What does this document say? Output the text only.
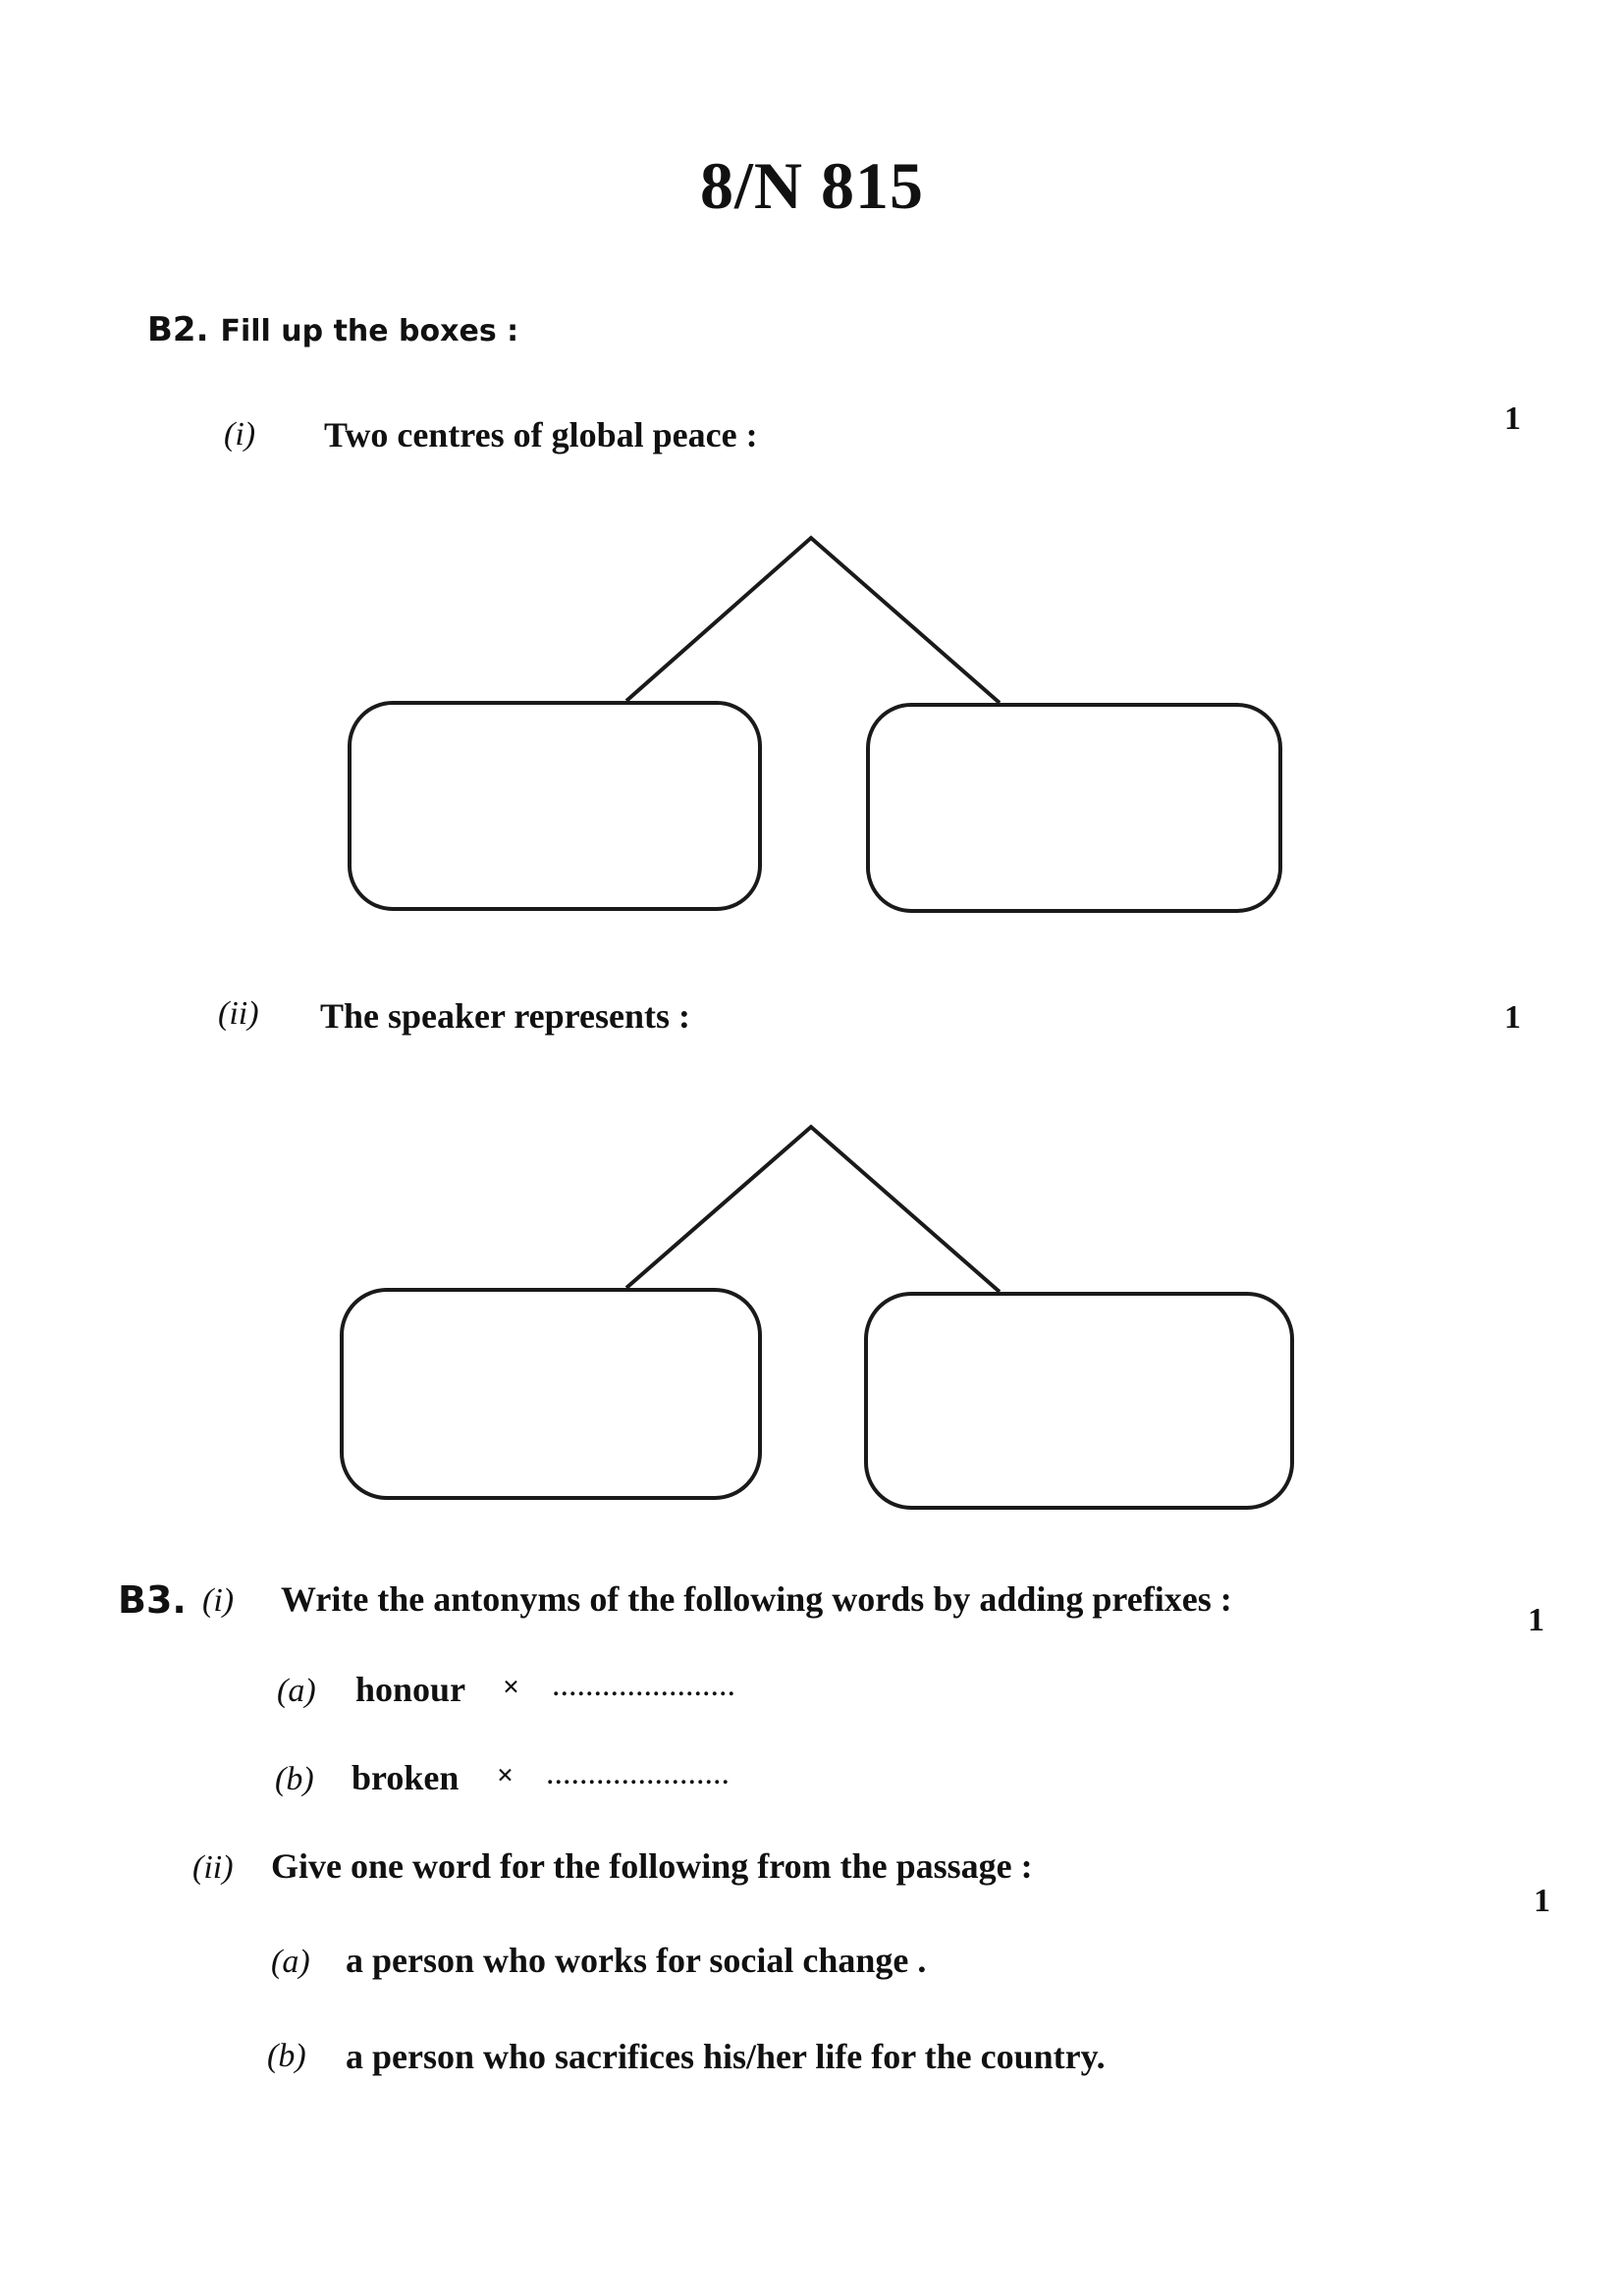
8/N 815
B2. Fill up the boxes :
(i) Two centres of global peace :	1
(ii) The speaker represents :	1
B3. (i) Write the antonyms of the following words by adding prefixes :
1
(a) honour × ......................
(b) broken × ......................
(ii) Give one word for the following from the passage :
1
(a) a person who works for social change .
(b) a person who sacrifices his/her life for the country.
